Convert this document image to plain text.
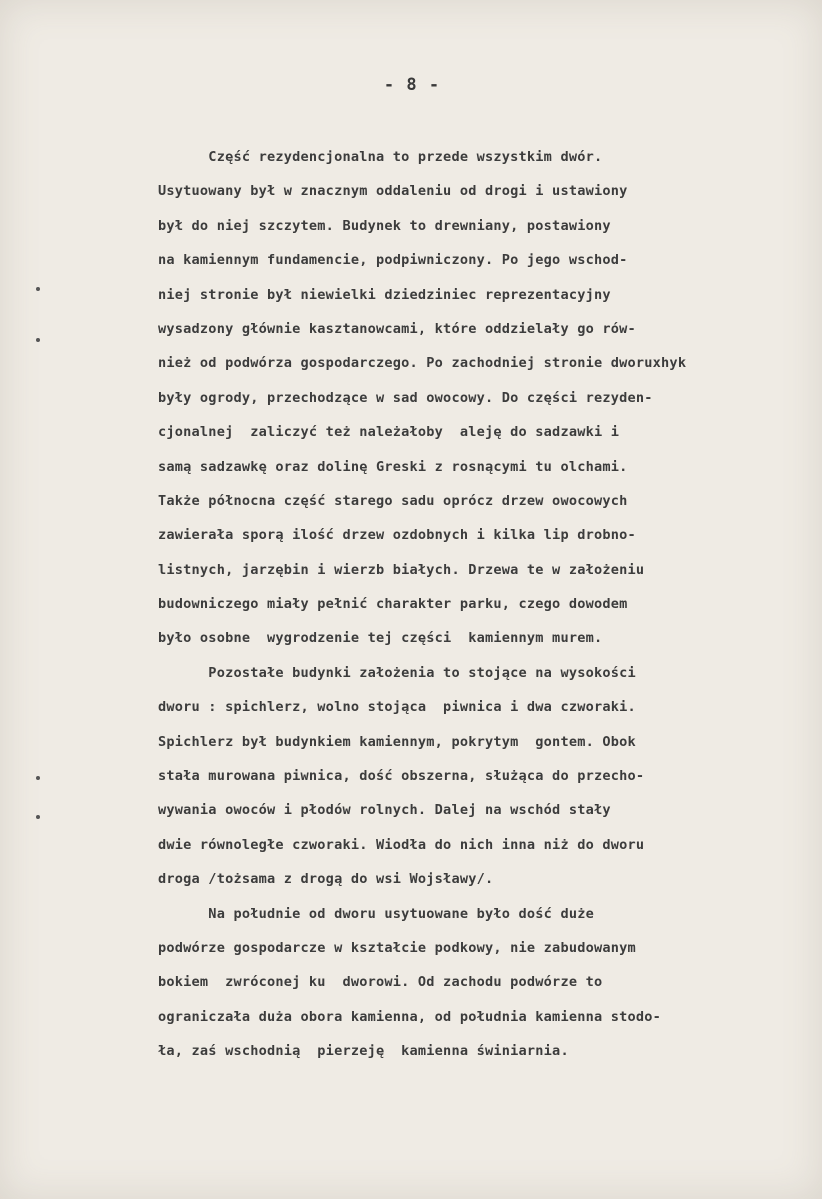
- 8 -
Część rezydencjonalna to przede wszystkim dwór.
Usytuowany był w znacznym oddaleniu od drogi i ustawiony
był do niej szczytem. Budynek to drewniany, postawiony
na kamiennym fundamencie, podpiwniczony. Po jego wschod-
niej stronie był niewielki dziedziniec reprezentacyjny
wysadzony głównie kasztanowcami, które oddzielały go rów-
nież od podwórza gospodarczego. Po zachodniej stronie dworuxhyk
były ogrody, przechodzące w sad owocowy. Do części rezyden-
cjonalnej  zaliczyć też należałoby  aleję do sadzawki i
samą sadzawkę oraz dolinę Greski z rosnącymi tu olchami.
Także północna część starego sadu oprócz drzew owocowych
zawierała sporą ilość drzew ozdobnych i kilka lip drobno-
listnych, jarzębin i wierzb białych. Drzewa te w założeniu
budowniczego miały pełnić charakter parku, czego dowodem
było osobne  wygrodzenie tej części  kamiennym murem.
Pozostałe budynki założenia to stojące na wysokości
dworu : spichlerz, wolno stojąca  piwnica i dwa czworaki.
Spichlerz był budynkiem kamiennym, pokrytym  gontem. Obok
stała murowana piwnica, dość obszerna, służąca do przecho-
wywania owoców i płodów rolnych. Dalej na wschód stały
dwie równoległe czworaki. Wiodła do nich inna niż do dworu
droga /tożsama z drogą do wsi Wojsławy/.
Na południe od dworu usytuowane było dość duże
podwórze gospodarcze w kształcie podkowy, nie zabudowanym
bokiem  zwróconej ku  dworowi. Od zachodu podwórze to
ograniczała duża obora kamienna, od południa kamienna stodo-
ła, zaś wschodnią  pierzeję  kamienna świniarnia.
